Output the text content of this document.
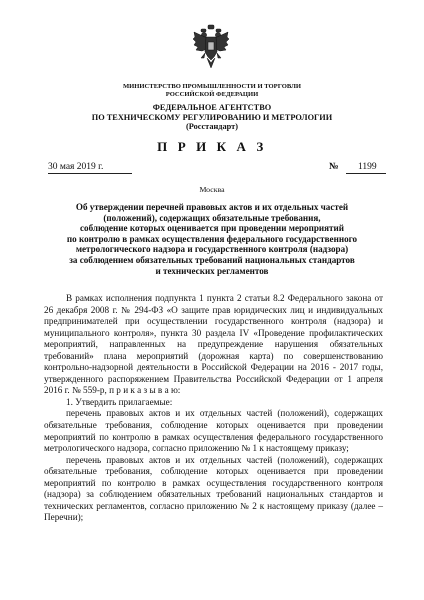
МИНИСТЕРСТВО ПРОМЫШЛЕННОСТИ И ТОРГОВЛИ
РОССИЙСКОЙ ФЕДЕРАЦИИ
ФЕДЕРАЛЬНОЕ АГЕНТСТВО
ПО ТЕХНИЧЕСКОМУ РЕГУЛИРОВАНИЮ И МЕТРОЛОГИИ
(Росстандарт)
П Р И К А З
30 мая 2019 г.	№ 1199
Москва
Об утверждении перечней правовых актов и их отдельных частей
(положений), содержащих обязательные требования,
соблюдение которых оценивается при проведении мероприятий
по контролю в рамках осуществления федерального государственного
метрологического надзора и государственного контроля (надзора)
за соблюдением обязательных требований национальных стандартов
и технических регламентов

В рамках исполнения подпункта 1 пункта 2 статьи 8.2 Федерального закона от 26 декабря 2008 г. № 294-ФЗ «О защите прав юридических лиц и индивидуальных предпринимателей при осуществлении государственного контроля (надзора) и муниципального контроля», пункта 30 раздела IV «Проведение профилактических мероприятий, направленных на предупреждение нарушения обязательных требований» плана мероприятий (дорожная карта) по совершенствованию контрольно-надзорной деятельности в Российской Федерации на 2016 - 2017 годы, утвержденного распоряжением Правительства Российской Федерации от 1 апреля 2016 г. № 559-р, п р и к а з ы в а ю:

1. Утвердить прилагаемые:

перечень правовых актов и их отдельных частей (положений), содержащих обязательные требования, соблюдение которых оценивается при проведении мероприятий по контролю в рамках осуществления федерального государственного метрологического надзора, согласно приложению № 1 к настоящему приказу;

перечень правовых актов и их отдельных частей (положений), содержащих обязательные требования, соблюдение которых оценивается при проведении мероприятий по контролю в рамках осуществления государственного контроля (надзора) за соблюдением обязательных требований национальных стандартов и технических регламентов, согласно приложению № 2 к настоящему приказу (далее – Перечни);
